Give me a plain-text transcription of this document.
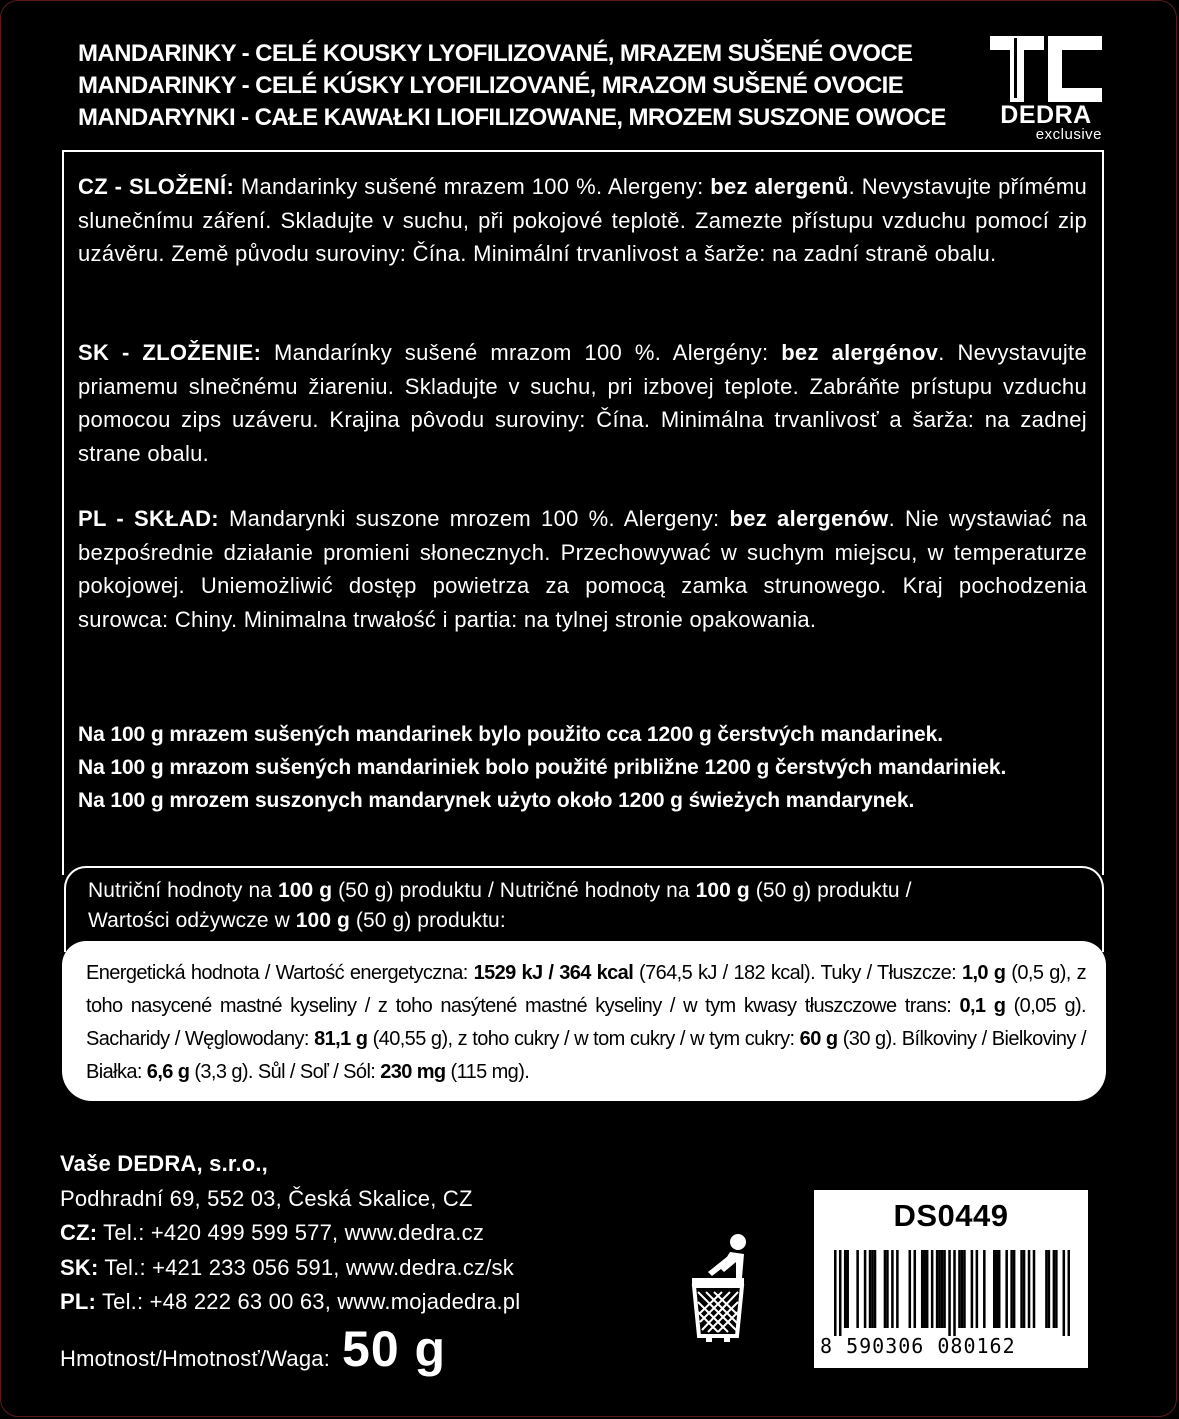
MANDARINKY - CELÉ KOUSKY LYOFILIZOVANÉ, MRAZEM SUŠENÉ OVOCE
MANDARINKY - CELÉ KÚSKY LYOFILIZOVANÉ, MRAZOM SUŠENÉ OVOCIE
MANDARYNKI - CAŁE KAWAŁKI LIOFILIZOWANE, MROZEM SUSZONE OWOCE	DEDRA
exclusive
CZ - SLOŽENÍ: Mandarinky sušené mrazem 100 %. Alergeny: bez alergenů. Nevystavujte přímému slunečnímu záření. Skladujte v suchu, při pokojové teplotě. Zamezte přístupu vzduchu pomocí zip uzávěru. Země původu suroviny: Čína. Minimální trvanlivost a šarže: na zadní straně obalu.
SK - ZLOŽENIE: Mandarínky sušené mrazom 100 %. Alergény: bez alergénov. Nevystavujte priamemu slnečnému žiareniu. Skladujte v suchu, pri izbovej teplote. Zabráňte prístupu vzduchu pomocou zips uzáveru. Krajina pôvodu suroviny: Čína. Minimálna trvanlivosť a šarža: na zadnej strane obalu.
PL - SKŁAD: Mandarynki suszone mrozem 100 %. Alergeny: bez alergenów. Nie wystawiać na bezpośrednie działanie promieni słonecznych. Przechowywać w suchym miejscu, w temperaturze pokojowej. Uniemożliwić dostęp powietrza za pomocą zamka strunowego. Kraj pochodzenia surowca: Chiny. Minimalna trwałość i partia: na tylnej stronie opakowania.
Na 100 g mrazem sušených mandarinek bylo použito cca 1200 g čerstvých mandarinek.
Na 100 g mrazom sušených mandariniek bolo použité približne 1200 g čerstvých mandariniek.
Na 100 g mrozem suszonych mandarynek użyto około 1200 g świeżych mandarynek.
Nutriční hodnoty na 100 g (50 g) produktu / Nutričné hodnoty na 100 g (50 g) produktu /
Wartości odżywcze w 100 g (50 g) produktu:
Energetická hodnota / Wartość energetyczna: 1529 kJ / 364 kcal (764,5 kJ / 182 kcal). Tuky / Tłuszcze: 1,0 g (0,5 g), z toho nasycené mastné kyseliny / z toho nasýtené mastné kyseliny / w tym kwasy tłuszczowe trans: 0,1 g (0,05 g). Sacharidy / Węglowodany: 81,1 g (40,55 g), z toho cukry / w tom cukry / w tym cukry: 60 g (30 g). Bílkoviny / Bielkoviny / Białka: 6,6 g (3,3 g). Sůl / Soľ / Sól: 230 mg (115 mg).
Vaše DEDRA, s.r.o.,
Podhradní 69, 552 03, Česká Skalice, CZ
CZ: Tel.: +420 499 599 577, www.dedra.cz
SK: Tel.: +421 233 056 591, www.dedra.cz/sk
PL: Tel.: +48 222 63 00 63, www.mojadedra.pl
Hmotnost/Hmotnosť/Waga: 50 g
DS0449
8 590306 080162
